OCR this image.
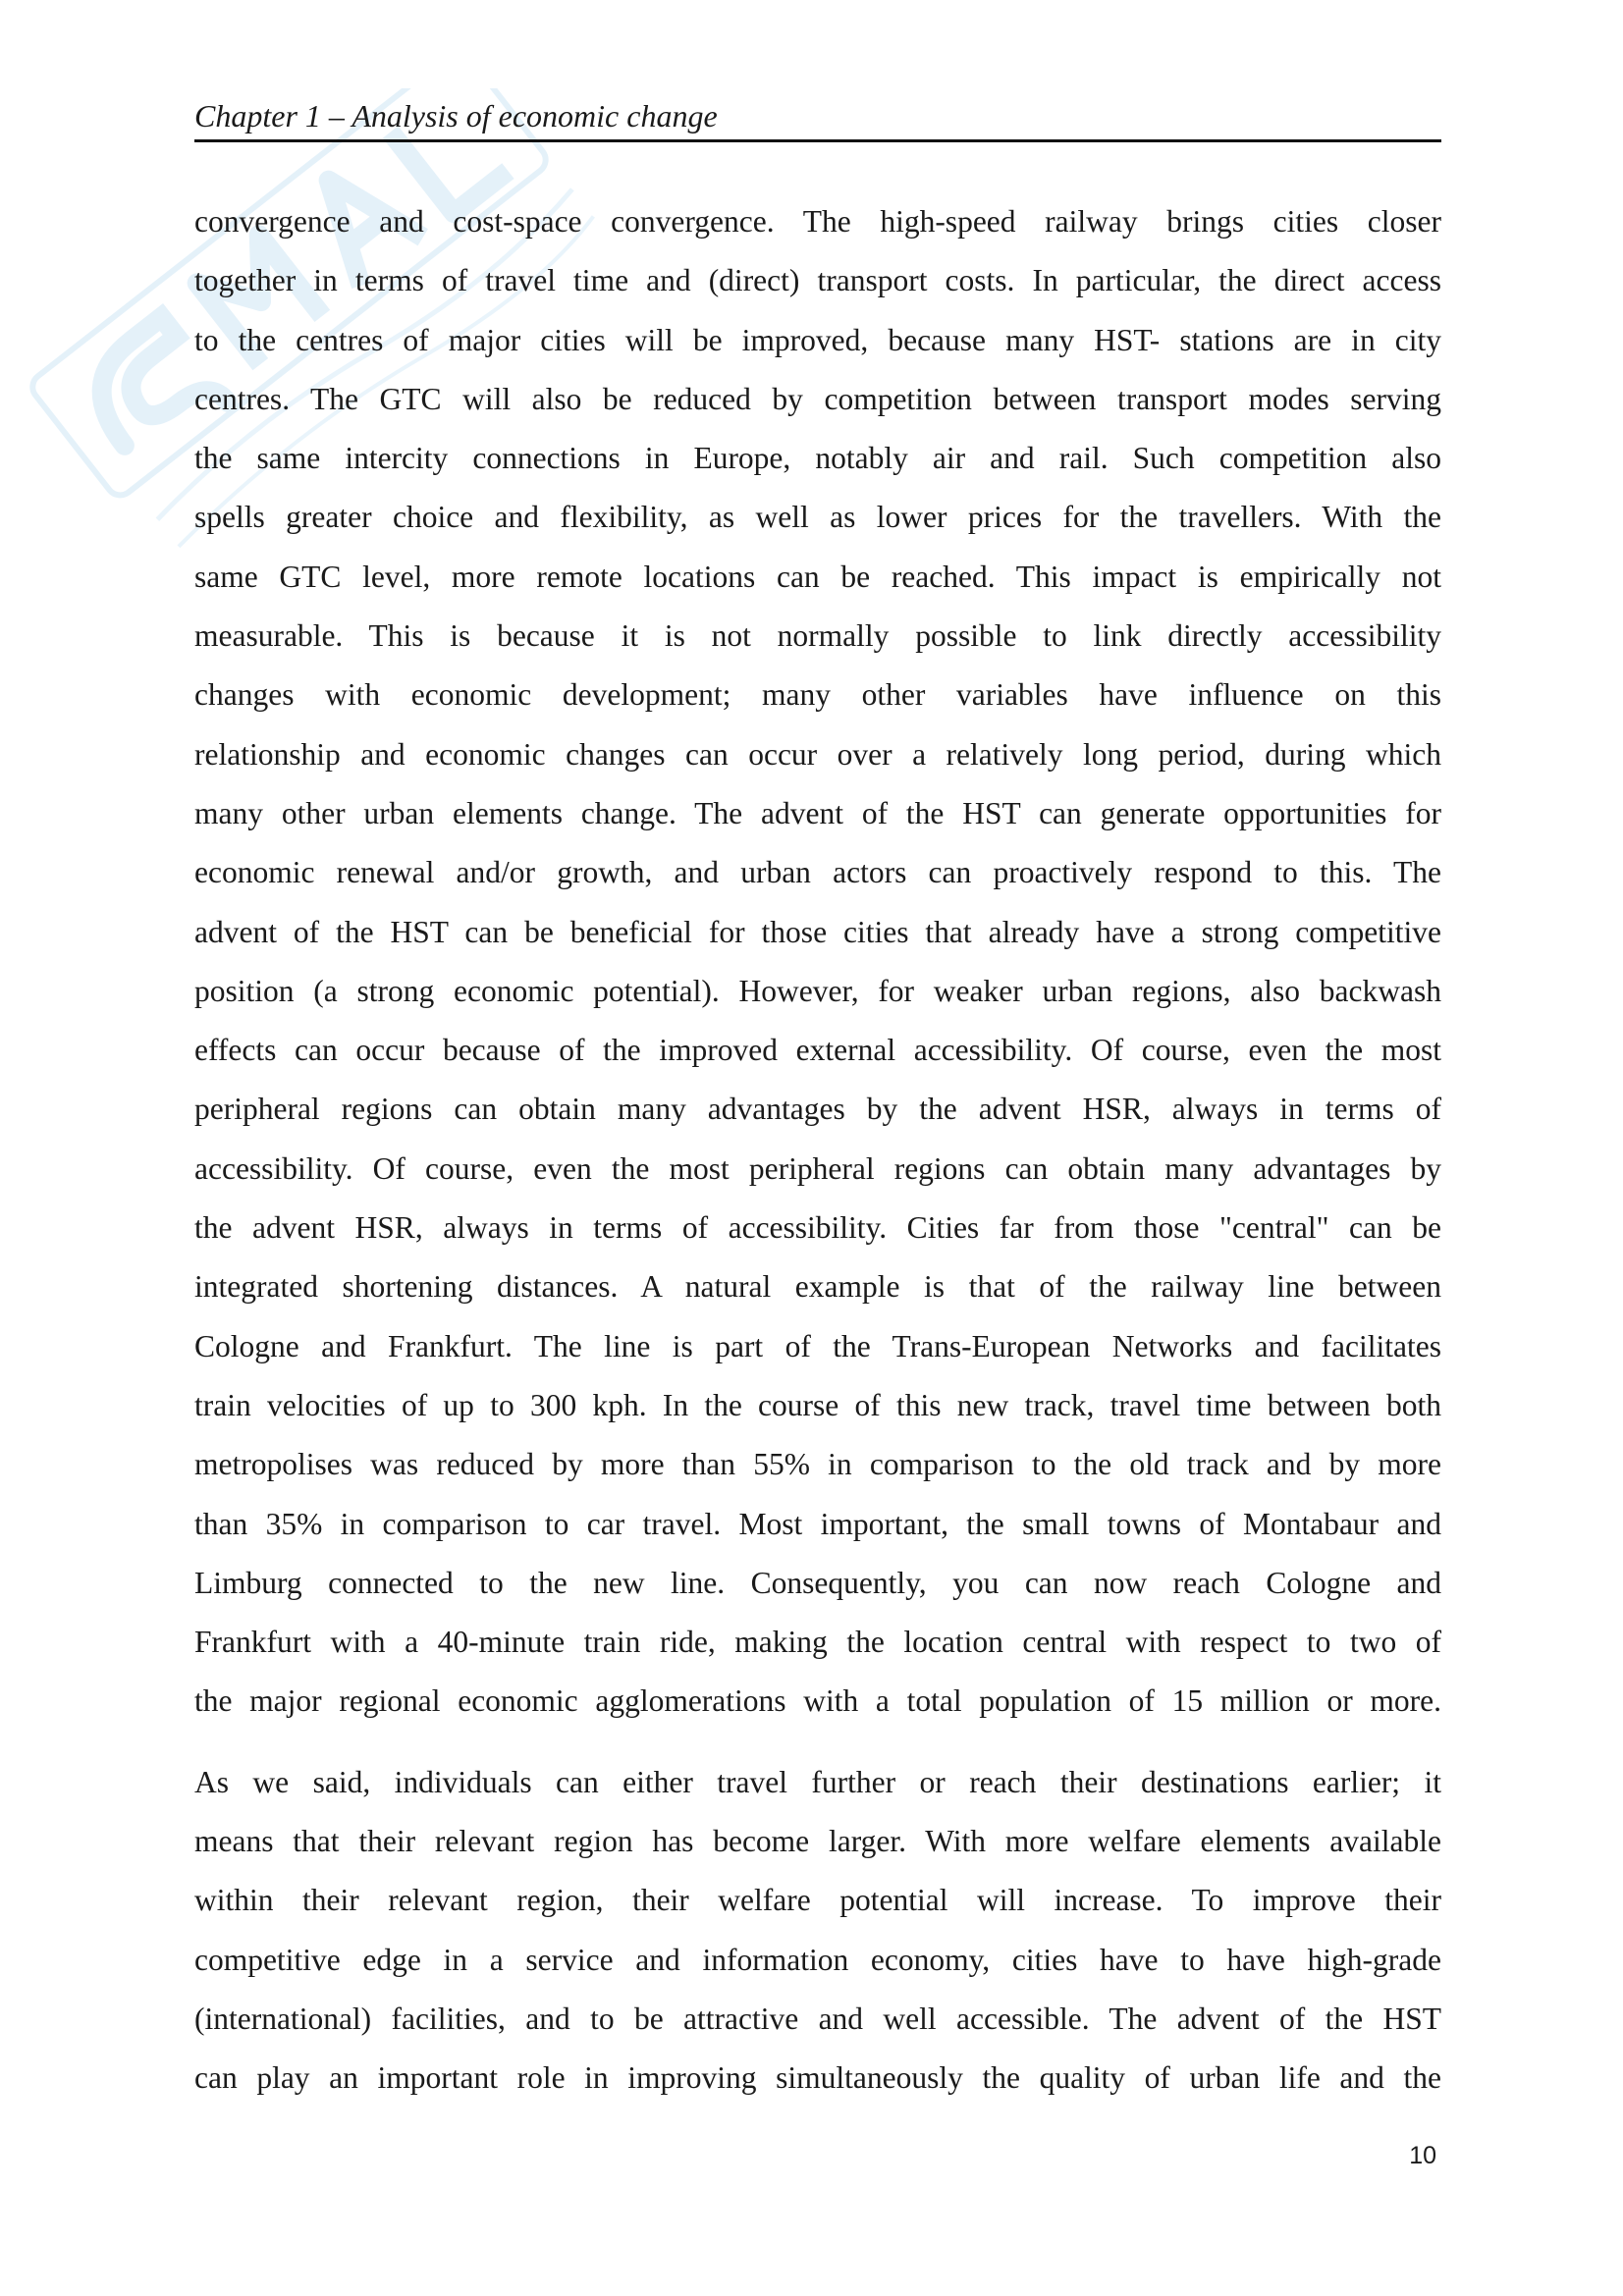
Chapter 1 – Analysis of economic change

convergence and cost-space convergence. The high-speed railway brings cities closer
together in terms of travel time and (direct) transport costs. In particular, the direct access
to the centres of major cities will be improved, because many HST- stations are in city
centres. The GTC will also be reduced by competition between transport modes serving
the same intercity connections in Europe, notably air and rail. Such competition also
spells greater choice and flexibility, as well as lower prices for the travellers. With the
same GTC level, more remote locations can be reached. This impact is empirically not
measurable. This is because it is not normally possible to link directly accessibility
changes with economic development; many other variables have influence on this
relationship and economic changes can occur over a relatively long period, during which
many other urban elements change. The advent of the HST can generate opportunities for
economic renewal and/or growth, and urban actors can proactively respond to this. The
advent of the HST can be beneficial for those cities that already have a strong competitive
position (a strong economic potential). However, for weaker urban regions, also backwash
effects can occur because of the improved external accessibility. Of course, even the most
peripheral regions can obtain many advantages by the advent HSR, always in terms of
accessibility. Of course, even the most peripheral regions can obtain many advantages by
the advent HSR, always in terms of accessibility. Cities far from those "central" can be
integrated shortening distances. A natural example is that of the railway line between
Cologne and Frankfurt. The line is part of the Trans-European Networks and facilitates
train velocities of up to 300 kph. In the course of this new track, travel time between both
metropolises was reduced by more than 55% in comparison to the old track and by more
than 35% in comparison to car travel. Most important, the small towns of Montabaur and
Limburg connected to the new line. Consequently, you can now reach Cologne and
Frankfurt with a 40-minute train ride, making the location central with respect to two of
the major regional economic agglomerations with a total population of 15 million or more.

As we said, individuals can either travel further or reach their destinations earlier; it
means that their relevant region has become larger. With more welfare elements available
within their relevant region, their welfare potential will increase. To improve their
competitive edge in a service and information economy, cities have to have high-grade
(international) facilities, and to be attractive and well accessible. The advent of the HST
can play an important role in improving simultaneously the quality of urban life and the

10
